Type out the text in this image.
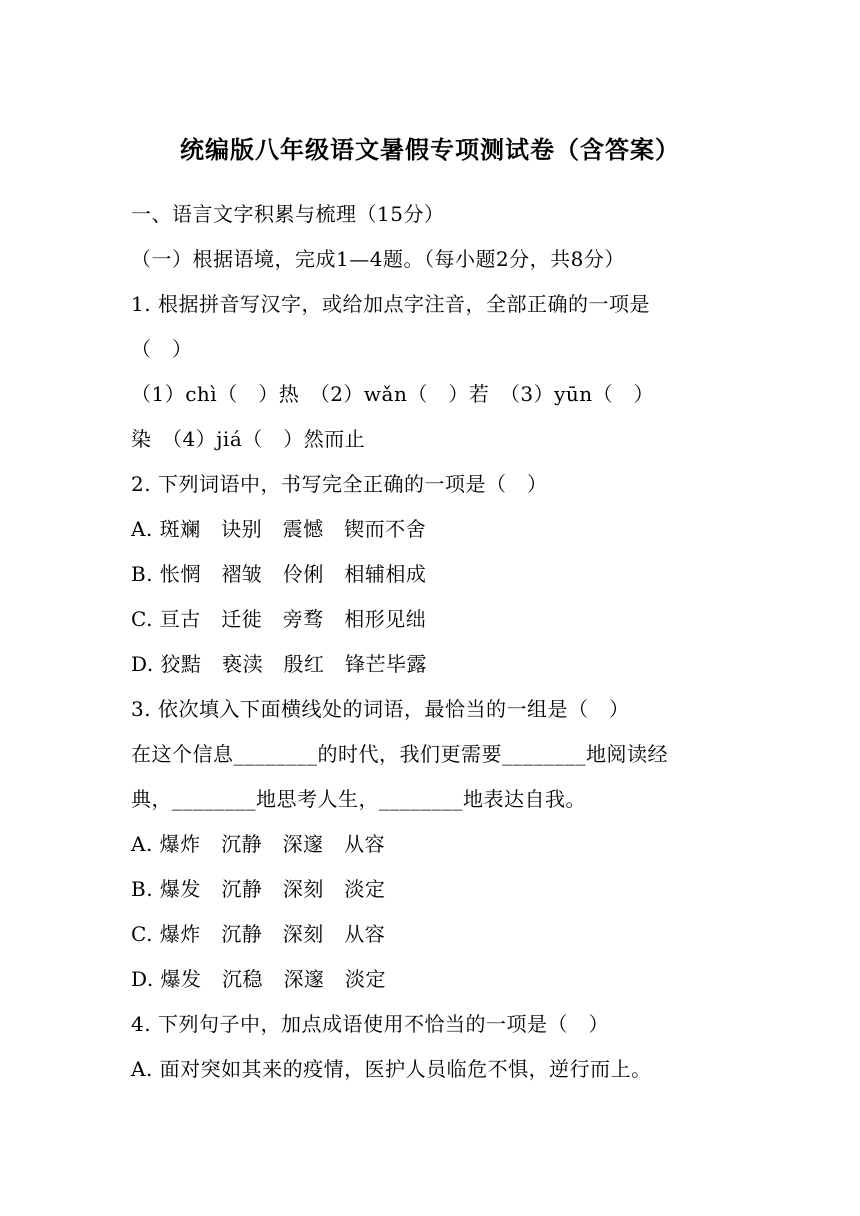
统编版八年级语文暑假专项测试卷（含答案）
一、语言文字积累与梳理（15分）
（一）根据语境，完成1—4题。（每小题2分，共8分）
1. 根据拼音写汉字，或给加点字注音，全部正确的一项是
（　）
（1）chì（　）热　（2）wǎn（　）若　（3）yūn（　）
染　（4）jiá（　）然而止
2. 下列词语中，书写完全正确的一项是（　）
A. 斑斓　诀别　震憾　锲而不舍
B. 怅惘　褶皱　伶俐　相辅相成
C. 亘古　迁徙　旁骛　相形见绌
D. 狡黠　亵渎　殷红　锋芒毕露
3. 依次填入下面横线处的词语，最恰当的一组是（　）
在这个信息________的时代，我们更需要________地阅读经
典，________地思考人生，________地表达自我。
A. 爆炸　沉静　深邃　从容
B. 爆发　沉静　深刻　淡定
C. 爆炸　沉静　深刻　从容
D. 爆发　沉稳　深邃　淡定
4. 下列句子中，加点成语使用不恰当的一项是（　）
A. 面对突如其来的疫情，医护人员临危不惧，逆行而上。
